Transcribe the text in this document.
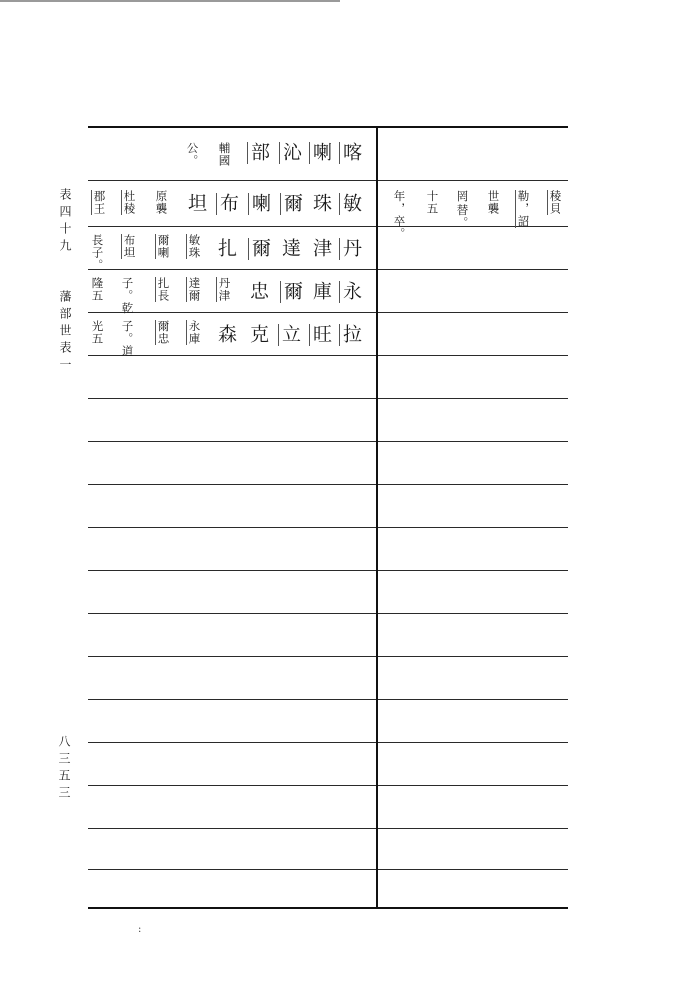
表四十九
藩部世表一
八三五三
喀
喇
沁
部
輔國
公。
敏
珠
爾
喇
布
坦
原襲
杜稜
郡王	稜貝
勒，詔
世襲
罔
替。
十五
年，卒。
丹
津
達
爾
扎
敏珠
爾喇
布坦
長子。
永
庫
爾
忠
丹津
達爾
扎長
子。乾
隆五
拉
旺
立
克
森
永庫
爾忠
子。道
光五
:
